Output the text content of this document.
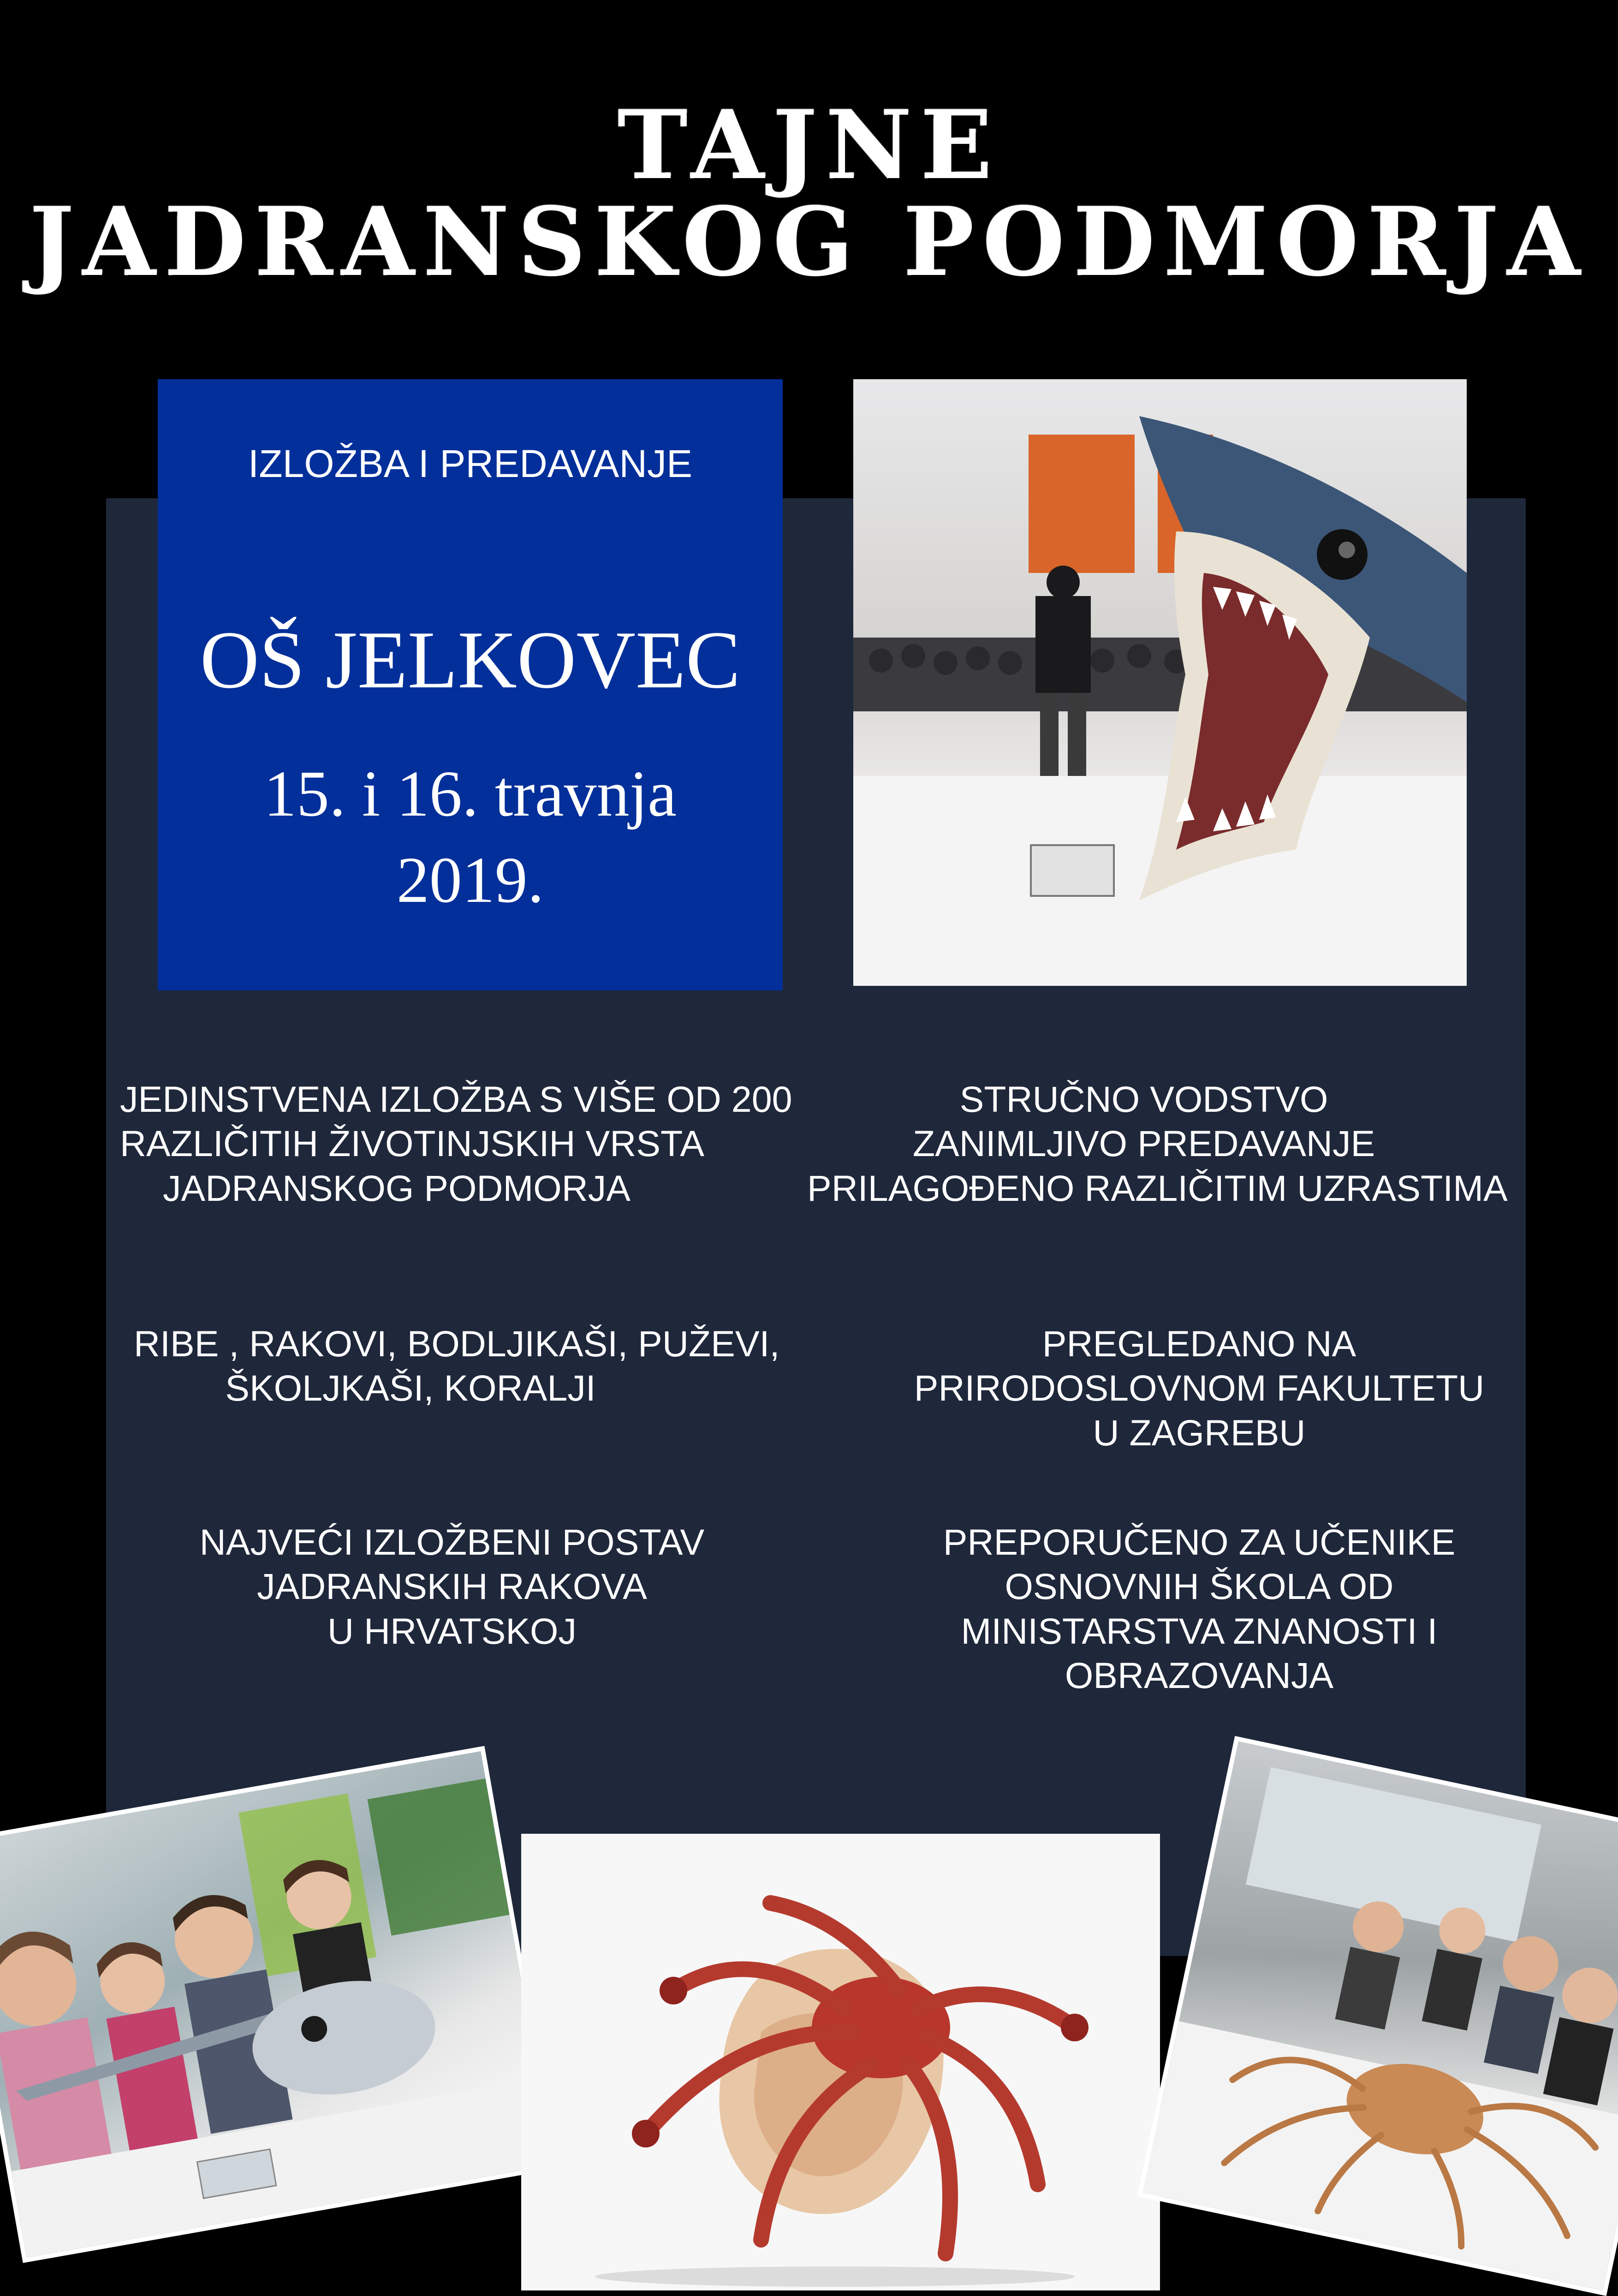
TAJNE
JADRANSKOG PODMORJA
IZLOŽBA I PREDAVANJE
OŠ JELKOVEC
15. i 16. travnja
2019.
JEDINSTVENA IZLOŽBA S VIŠE OD 200
RAZLIČITIH ŽIVOTINJSKIH VRSTA
JADRANSKOG PODMORJA
RIBE , RAKOVI, BODLJIKAŠI, PUŽEVI,
ŠKOLJKAŠI, KORALJI
NAJVEĆI IZLOŽBENI POSTAV
JADRANSKIH RAKOVA
U HRVATSKOJ
STRUČNO VODSTVO
ZANIMLJIVO PREDAVANJE
PRILAGOĐENO RAZLIČITIM UZRASTIMA
PREGLEDANO NA
PRIRODOSLOVNOM FAKULTETU
U ZAGREBU
PREPORUČENO ZA UČENIKE
OSNOVNIH ŠKOLA OD
MINISTARSTVA ZNANOSTI I
OBRAZOVANJA
